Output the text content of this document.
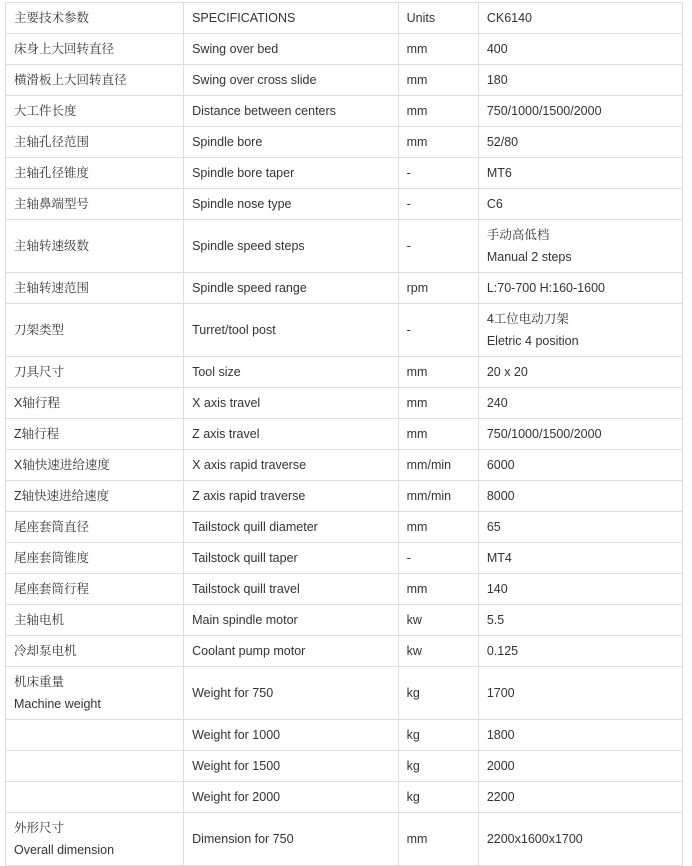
主要技术参数	SPECIFICATIONS	Units	CK6140

床身上大回转直径	Swing over bed	mm	400

横滑板上大回转直径	Swing over cross slide	mm	180

大工件长度	Distance between centers	mm	750/1000/1500/2000

主轴孔径范围	Spindle bore	mm	52/80

主轴孔径锥度	Spindle bore taper	-	MT6

主轴鼻端型号	Spindle nose type	-	C6

主轴转速级数	Spindle speed steps	-	手动高低档
Manual 2 steps

主轴转速范围	Spindle speed range	rpm	L:70-700 H:160-1600

刀架类型	Turret/tool post	-	4工位电动刀架
Eletric 4 position

刀具尺寸	Tool size	mm	20 x 20

X轴行程	X axis travel	mm	240

Z轴行程	Z axis travel	mm	750/1000/1500/2000

X轴快速进给速度	X axis rapid traverse	mm/min	6000

Z轴快速进给速度	Z axis rapid traverse	mm/min	8000

尾座套筒直径	Tailstock quill diameter	mm	65

尾座套筒锥度	Tailstock quill taper	-	MT4

尾座套筒行程	Tailstock quill travel	mm	140

主轴电机	Main spindle motor	kw	5.5

冷却泵电机	Coolant pump motor	kw	0.125

机床重量
Machine weight	Weight for 750	kg	1700

	Weight for 1000	kg	1800

	Weight for 1500	kg	2000

	Weight for 2000	kg	2200

外形尺寸
Overall dimension	Dimension for 750	mm	2200x1600x1700
